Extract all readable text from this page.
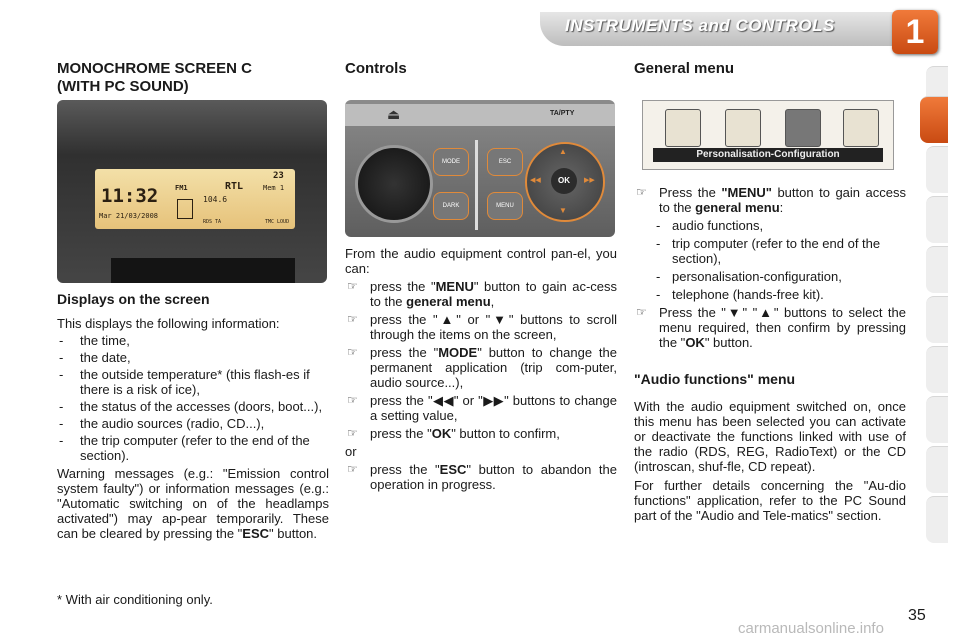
INSTRUMENTS and CONTROLS	1

MONOCHROME SCREEN C

(WITH PC SOUND)

11:32
Mar 21/03/2008
FM1	RTL
104.6
23
Mem 1
RDS TA	TMC LOUD

Displays on the screen

This displays the following information:

- the time,
- the date,
- the outside temperature* (this flash-es if there is a risk of ice),
- the status of the accesses (doors, boot...),
- the audio sources (radio, CD...),
- the trip computer (refer to the end of the section).

Warning messages (e.g.: "Emission control system faulty") or information messages (e.g.: "Automatic switching on of the headlamps activated") may ap-pear temporarily. These can be cleared by pressing the "ESC" button.

* With air conditioning only.

Controls

⏏	TA/PTY
MODE
DARK
ESC
MENU
▲
▼
◀◀	▶▶
OK

From the audio equipment control pan-el, you can:

☞ press the "MENU" button to gain ac-cess to the general menu,
☞ press the "▲" or "▼" buttons to scroll through the items on the screen,
☞ press the "MODE" button to change the permanent application (trip com-puter, audio source...),
☞ press the "◀◀" or "▶▶" buttons to change a setting value,
☞ press the "OK" button to confirm,

or

☞ press the "ESC" button to abandon the operation in progress.

General menu

Personalisation-Configuration
☞ Press the "MENU" button to gain access to the general menu:
- audio functions,
- trip computer (refer to the end of the section),
- personalisation-configuration,
- telephone (hands-free kit).
☞ Press the "▼" "▲" buttons to select the menu required, then confirm by pressing the "OK" button.

"Audio functions" menu

With the audio equipment switched on, once this menu has been selected you can activate or deactivate the functions linked with use of the radio (RDS, REG, RadioText) or the CD (introscan, shuf-fle, CD repeat).

For further details concerning the "Au-dio functions" application, refer to the PC Sound part of the "Audio and Tele-matics" section.

carmanualsonline.info
35
